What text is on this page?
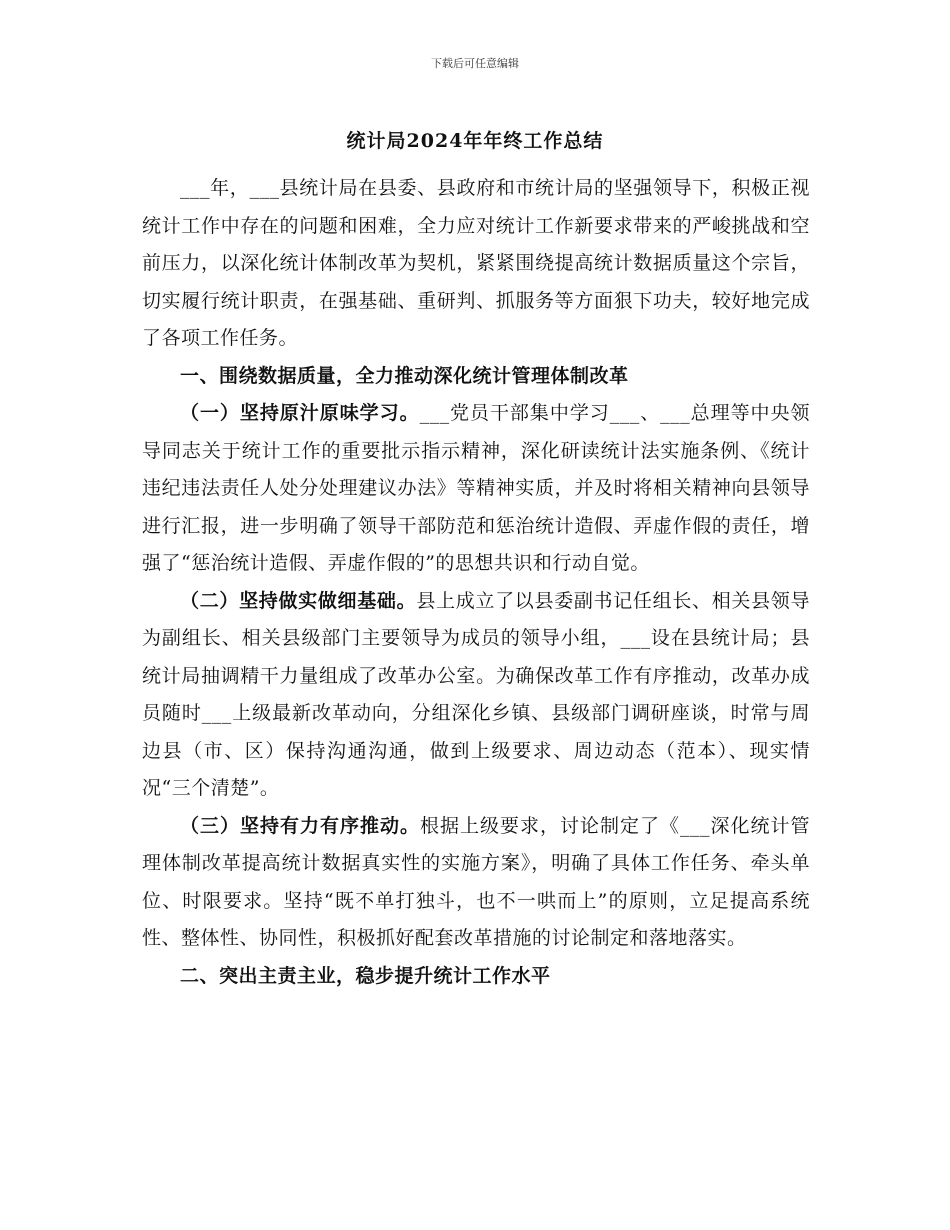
下载后可任意编辑
统计局2024年年终工作总结

___年，___县统计局在县委、县政府和市统计局的坚强领导下，积极正视统计工作中存在的问题和困难，全力应对统计工作新要求带来的严峻挑战和空前压力，以深化统计体制改革为契机，紧紧围绕提高统计数据质量这个宗旨，切实履行统计职责，在强基础、重研判、抓服务等方面狠下功夫，较好地完成了各项工作任务。

一、围绕数据质量，全力推动深化统计管理体制改革

（一）坚持原汁原味学习。___党员干部集中学习___、___总理等中央领导同志关于统计工作的重要批示指示精神，深化研读统计法实施条例、《统计违纪违法责任人处分处理建议办法》等精神实质，并及时将相关精神向县领导进行汇报，进一步明确了领导干部防范和惩治统计造假、弄虚作假的责任，增强了“惩治统计造假、弄虚作假的”的思想共识和行动自觉。

（二）坚持做实做细基础。县上成立了以县委副书记任组长、相关县领导为副组长、相关县级部门主要领导为成员的领导小组，___设在县统计局；县统计局抽调精干力量组成了改革办公室。为确保改革工作有序推动，改革办成员随时___上级最新改革动向，分组深化乡镇、县级部门调研座谈，时常与周边县（市、区）保持沟通沟通，做到上级要求、周边动态（范本）、现实情况“三个清楚”。

（三）坚持有力有序推动。根据上级要求，讨论制定了《___深化统计管理体制改革提高统计数据真实性的实施方案》，明确了具体工作任务、牵头单位、时限要求。坚持“既不单打独斗，也不一哄而上”的原则，立足提高系统性、整体性、协同性，积极抓好配套改革措施的讨论制定和落地落实。

二、突出主责主业，稳步提升统计工作水平
